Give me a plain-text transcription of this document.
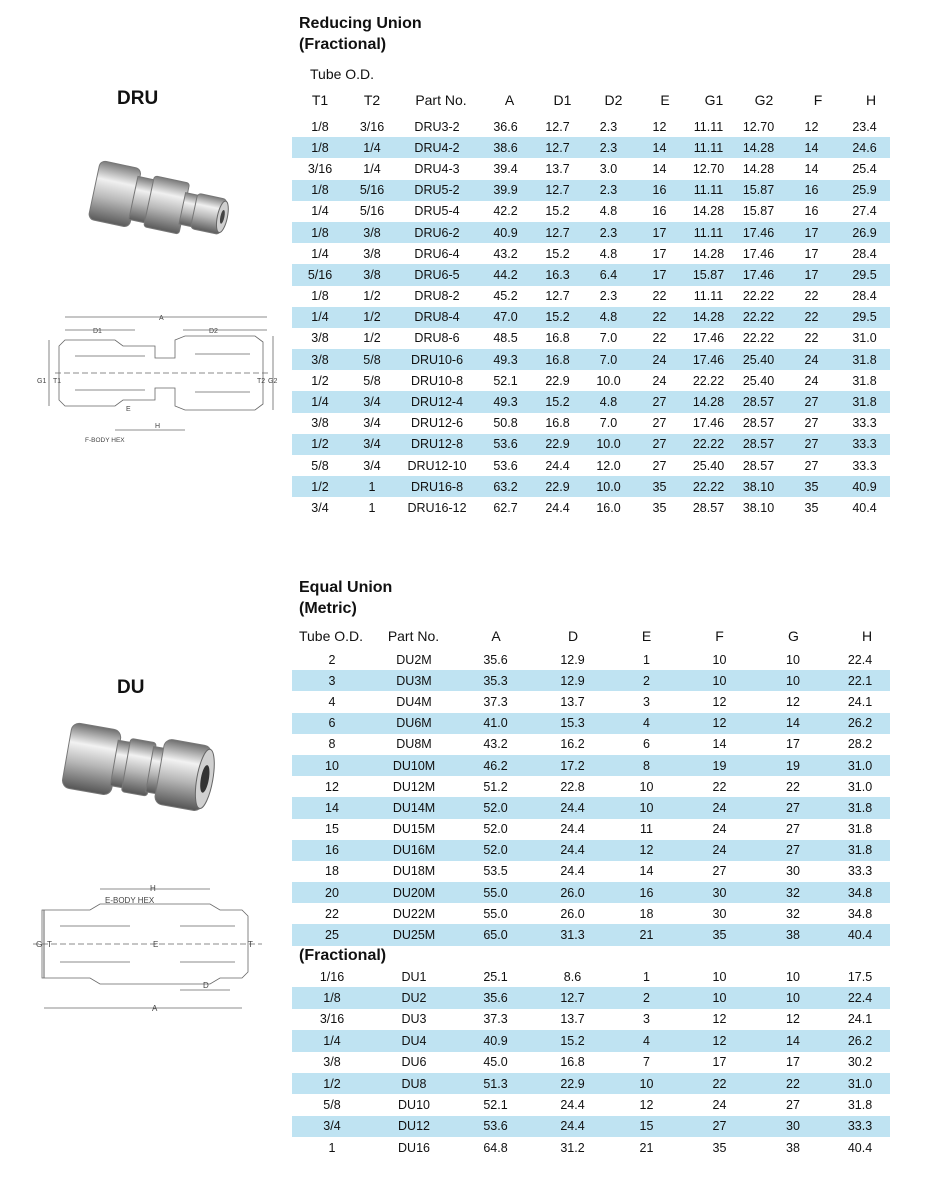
Reducing Union
(Fractional)
Tube O.D.
DRU	T1	T2	Part No.	A	D1	D2	E	G1	G2	F	H
1/8	3/16	DRU3-2	36.6	12.7	2.3	12	11.11	12.70	12	23.4
1/8	1/4	DRU4-2	38.6	12.7	2.3	14	11.11	14.28	14	24.6
3/16	1/4	DRU4-3	39.4	13.7	3.0	14	12.70	14.28	14	25.4
1/8	5/16	DRU5-2	39.9	12.7	2.3	16	11.11	15.87	16	25.9
1/4	5/16	DRU5-4	42.2	15.2	4.8	16	14.28	15.87	16	27.4
1/8	3/8	DRU6-2	40.9	12.7	2.3	17	11.11	17.46	17	26.9
1/4	3/8	DRU6-4	43.2	15.2	4.8	17	14.28	17.46	17	28.4
5/16	3/8	DRU6-5	44.2	16.3	6.4	17	15.87	17.46	17	29.5
1/8	1/2	DRU8-2	45.2	12.7	2.3	22	11.11	22.22	22	28.4
1/4	1/2	DRU8-4	47.0	15.2	4.8	22	14.28	22.22	22	29.5
3/8	1/2	DRU8-6	48.5	16.8	7.0	22	17.46	22.22	22	31.0
3/8	5/8	DRU10-6	49.3	16.8	7.0	24	17.46	25.40	24	31.8
1/2	5/8	DRU10-8	52.1	22.9	10.0	24	22.22	25.40	24	31.8
1/4	3/4	DRU12-4	49.3	15.2	4.8	27	14.28	28.57	27	31.8
3/8	3/4	DRU12-6	50.8	16.8	7.0	27	17.46	28.57	27	33.3
1/2	3/4	DRU12-8	53.6	22.9	10.0	27	22.22	28.57	27	33.3
5/8	3/4	DRU12-10	53.6	24.4	12.0	27	25.40	28.57	27	33.3
1/2	1	DRU16-8	63.2	22.9	10.0	35	22.22	38.10	35	40.9
3/4	1	DRU16-12	62.7	24.4	16.0	35	28.57	38.10	35	40.4
A
D1	D2
G1 T1	T2 G2
E
H
F-BODY HEX
Equal Union
(Metric)
DU
Tube O.D.	Part No.	A	D	E	F	G	H
2	DU2M	35.6	12.9	1	10	10	22.4
3	DU3M	35.3	12.9	2	10	10	22.1
4	DU4M	37.3	13.7	3	12	12	24.1
6	DU6M	41.0	15.3	4	12	14	26.2
8	DU8M	43.2	16.2	6	14	17	28.2
10	DU10M	46.2	17.2	8	19	19	31.0
12	DU12M	51.2	22.8	10	22	22	31.0
14	DU14M	52.0	24.4	10	24	27	31.8
15	DU15M	52.0	24.4	11	24	27	31.8
16	DU16M	52.0	24.4	12	24	27	31.8
18	DU18M	53.5	24.4	14	27	30	33.3
20	DU20M	55.0	26.0	16	30	32	34.8
22	DU22M	55.0	26.0	18	30	32	34.8
25	DU25M	65.0	31.3	21	35	38	40.4
(Fractional)
1/16	DU1	25.1	8.6	1	10	10	17.5
1/8	DU2	35.6	12.7	2	10	10	22.4
3/16	DU3	37.3	13.7	3	12	12	24.1
1/4	DU4	40.9	15.2	4	12	14	26.2
3/8	DU6	45.0	16.8	7	17	17	30.2
1/2	DU8	51.3	22.9	10	22	22	31.0
5/8	DU10	52.1	24.4	12	24	27	31.8
3/4	DU12	53.6	24.4	15	27	30	33.3
1	DU16	64.8	31.2	21	35	38	40.4
H
E-BODY HEX
G T	E	T
D
A
